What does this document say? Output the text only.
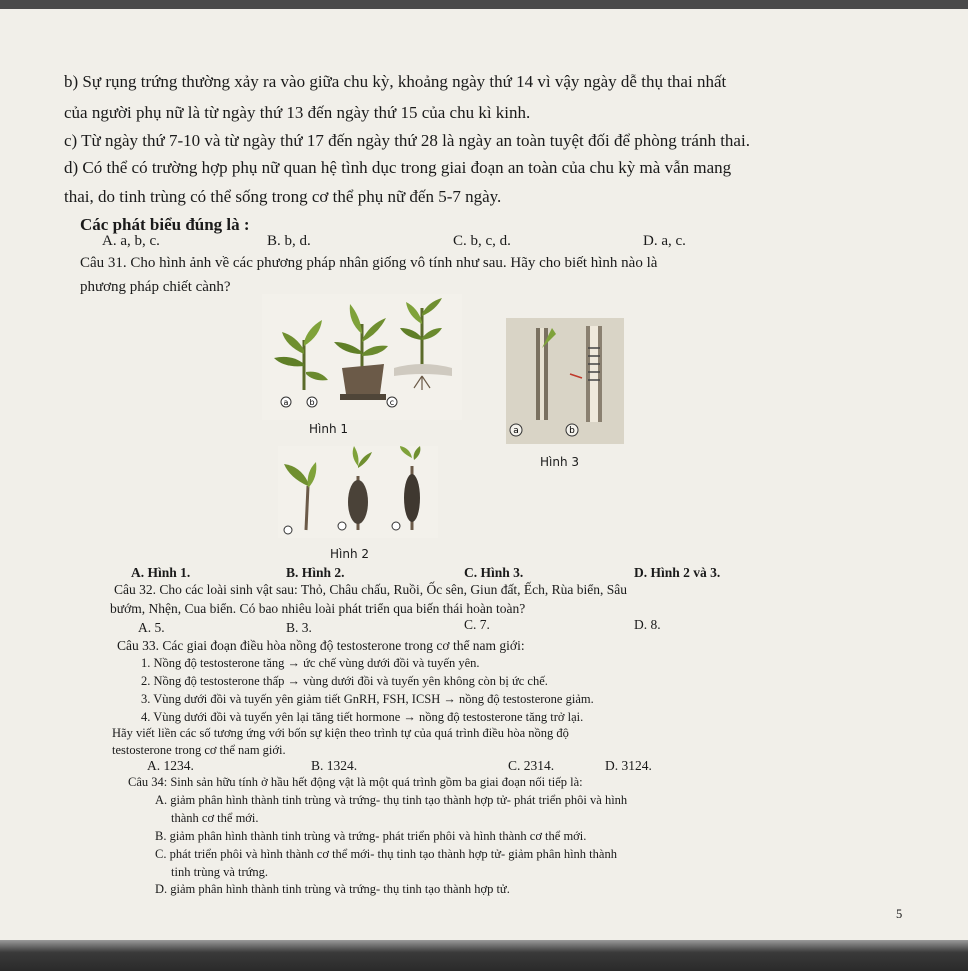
b) Sự rụng trứng thường xảy ra vào giữa chu kỳ, khoảng ngày thứ 14 vì vậy ngày dễ thụ thai nhất
của người phụ nữ là từ ngày thứ 13 đến ngày thứ 15 của chu kì kinh.
c) Từ ngày thứ 7-10 và từ ngày thứ 17 đến ngày thứ 28 là ngày an toàn tuyệt đối để phòng tránh thai.
d) Có thể có trường hợp phụ nữ quan hệ tình dục trong giai đoạn an toàn của chu kỳ mà vẫn mang
thai, do tinh trùng có thể sống trong cơ thể phụ nữ đến 5-7 ngày.
Các phát biểu đúng là :
A. a, b, c.	B. b, d.	C. b, c, d.	D. a, c.
Câu 31. Cho hình ảnh về các phương pháp nhân giống vô tính như sau. Hãy cho biết hình nào là
phương pháp chiết cành?
a	b	c
Hình 1	a	b
Hình 3
Hình 2
A. Hình 1.	B. Hình 2.	C. Hình 3.	D. Hình 2 và 3.
Câu 32. Cho các loài sinh vật sau: Thỏ, Châu chấu, Ruồi, Ốc sên, Giun đất, Ếch, Rùa biển, Sâu
bướm, Nhện, Cua biển. Có bao nhiêu loài phát triển qua biến thái hoàn toàn?
A. 5.	B. 3.	C. 7.	D. 8.
Câu 33. Các giai đoạn điều hòa nồng độ testosterone trong cơ thể nam giới:
1. Nồng độ testosterone tăng → ức chế vùng dưới đồi và tuyến yên.
2. Nồng độ testosterone thấp → vùng dưới đồi và tuyến yên không còn bị ức chế.
3. Vùng dưới đồi và tuyến yên giảm tiết GnRH, FSH, ICSH → nồng độ testosterone giảm.
4. Vùng dưới đồi và tuyến yên lại tăng tiết hormone → nồng độ testosterone tăng trở lại.
Hãy viết liền các số tương ứng với bốn sự kiện theo trình tự của quá trình điều hòa nồng độ
testosterone trong cơ thể nam giới.
A. 1234.	B. 1324.	C. 2314.	D. 3124.
Câu 34: Sinh sản hữu tính ở hầu hết động vật là một quá trình gồm ba giai đoạn nối tiếp là:
A. giảm phân hình thành tinh trùng và trứng- thụ tinh tạo thành hợp tử- phát triển phôi và hình
thành cơ thể mới.
B. giảm phân hình thành tinh trùng và trứng- phát triển phôi và hình thành cơ thể mới.
C. phát triển phôi và hình thành cơ thể mới- thụ tinh tạo thành hợp tử- giảm phân hình thành
tinh trùng và trứng.
D. giảm phân hình thành tinh trùng và trứng- thụ tinh tạo thành hợp tử.
5
